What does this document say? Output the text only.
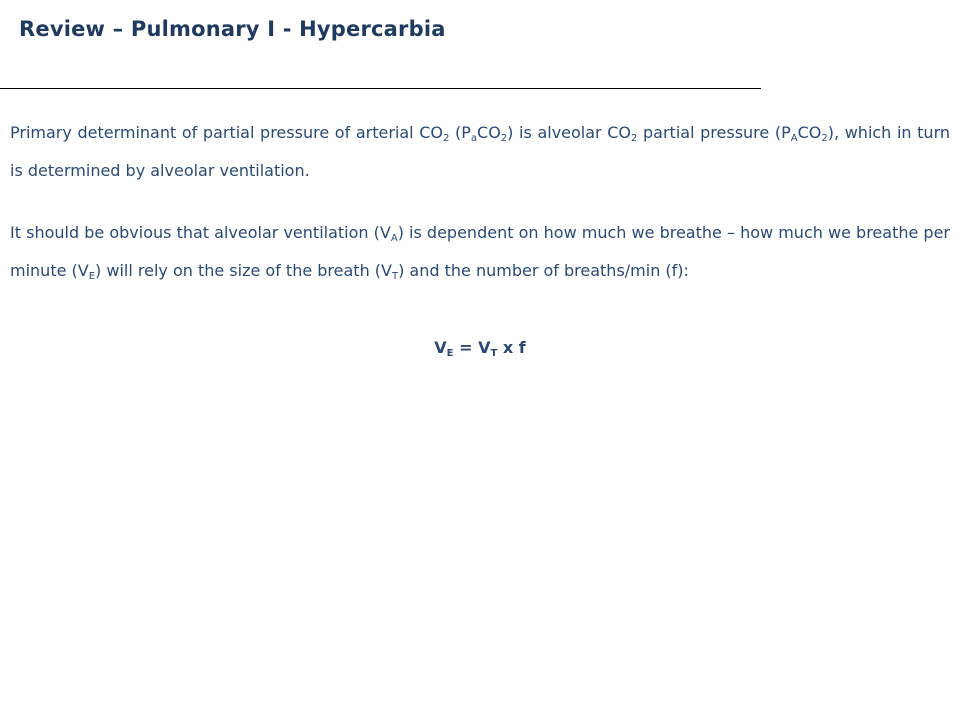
Review – Pulmonary I - Hypercarbia
Primary determinant of partial pressure of arterial $CO_2$ $(P_aCO_2)$ is alveolar $CO_2$ partial pressure $(P_ACO_2)$, which in turn is determined by alveolar ventilation.
It should be obvious that alveolar ventilation $(V_A)$ is dependent on how much we breathe – how much we breathe per minute $(V_E)$ will rely on the size of the breath $(V_T)$ and the number of breaths/min (f):
$V_E = V_T$ x f
